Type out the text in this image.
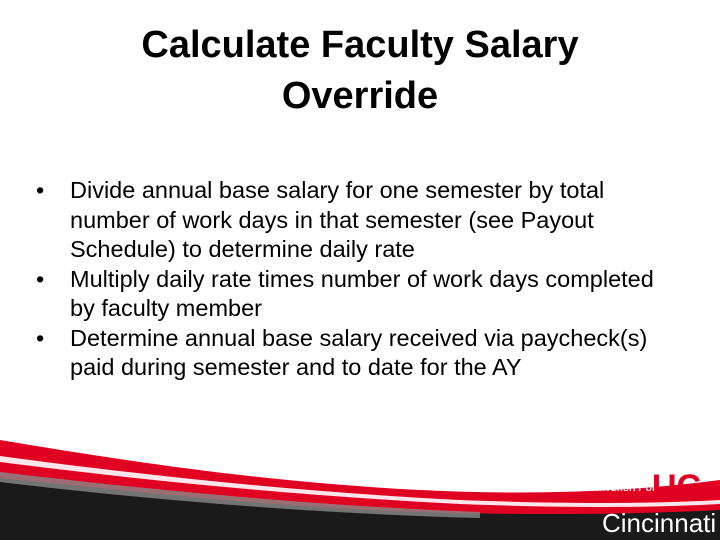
Calculate Faculty Salary
Override
•	Divide annual base salary for one semester by total number of work days in that semester (see Payout Schedule) to determine daily rate
•	Multiply daily rate times number of work days completed by faculty member
•	Determine annual base salary received via paycheck(s) paid during semester and to date for the AY
UNIVERSITY OF
UC
Cincinnati
